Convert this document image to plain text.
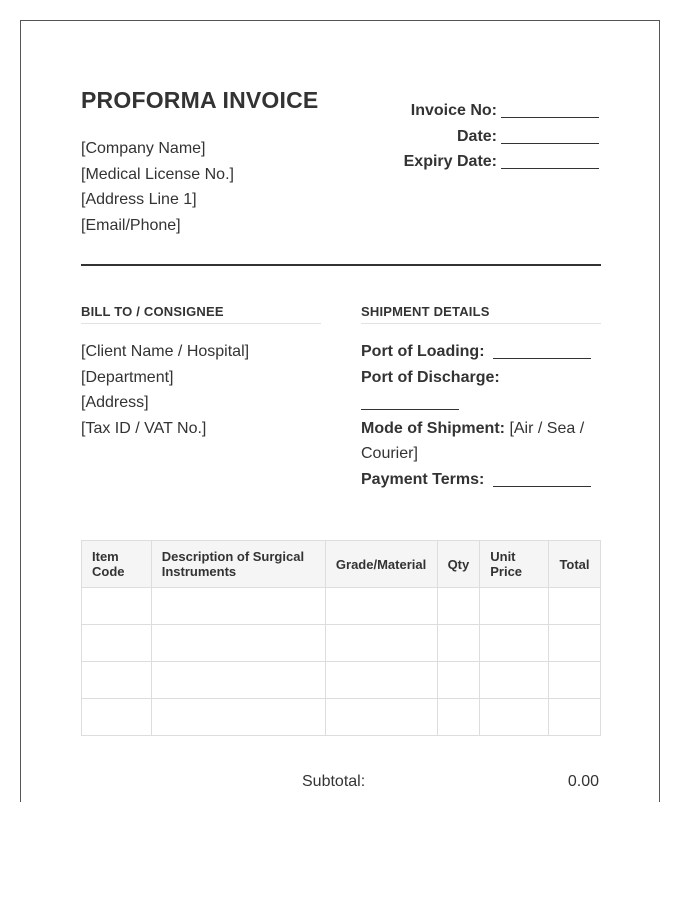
PROFORMA INVOICE
[Company Name]
[Medical License No.]
[Address Line 1]
[Email/Phone]
Invoice No:
Date:
Expiry Date:
BILL TO / CONSIGNEE	SHIPMENT DETAILS
[Client Name / Hospital]
[Department]
[Address]
[Tax ID / VAT No.]
Port of Loading:
Port of Discharge:
Mode of Shipment: [Air / Sea / Courier]
Payment Terms:
Item Code	Description of Surgical Instruments	Grade/Material	Qty	Unit Price	Total

Subtotal:	0.00
